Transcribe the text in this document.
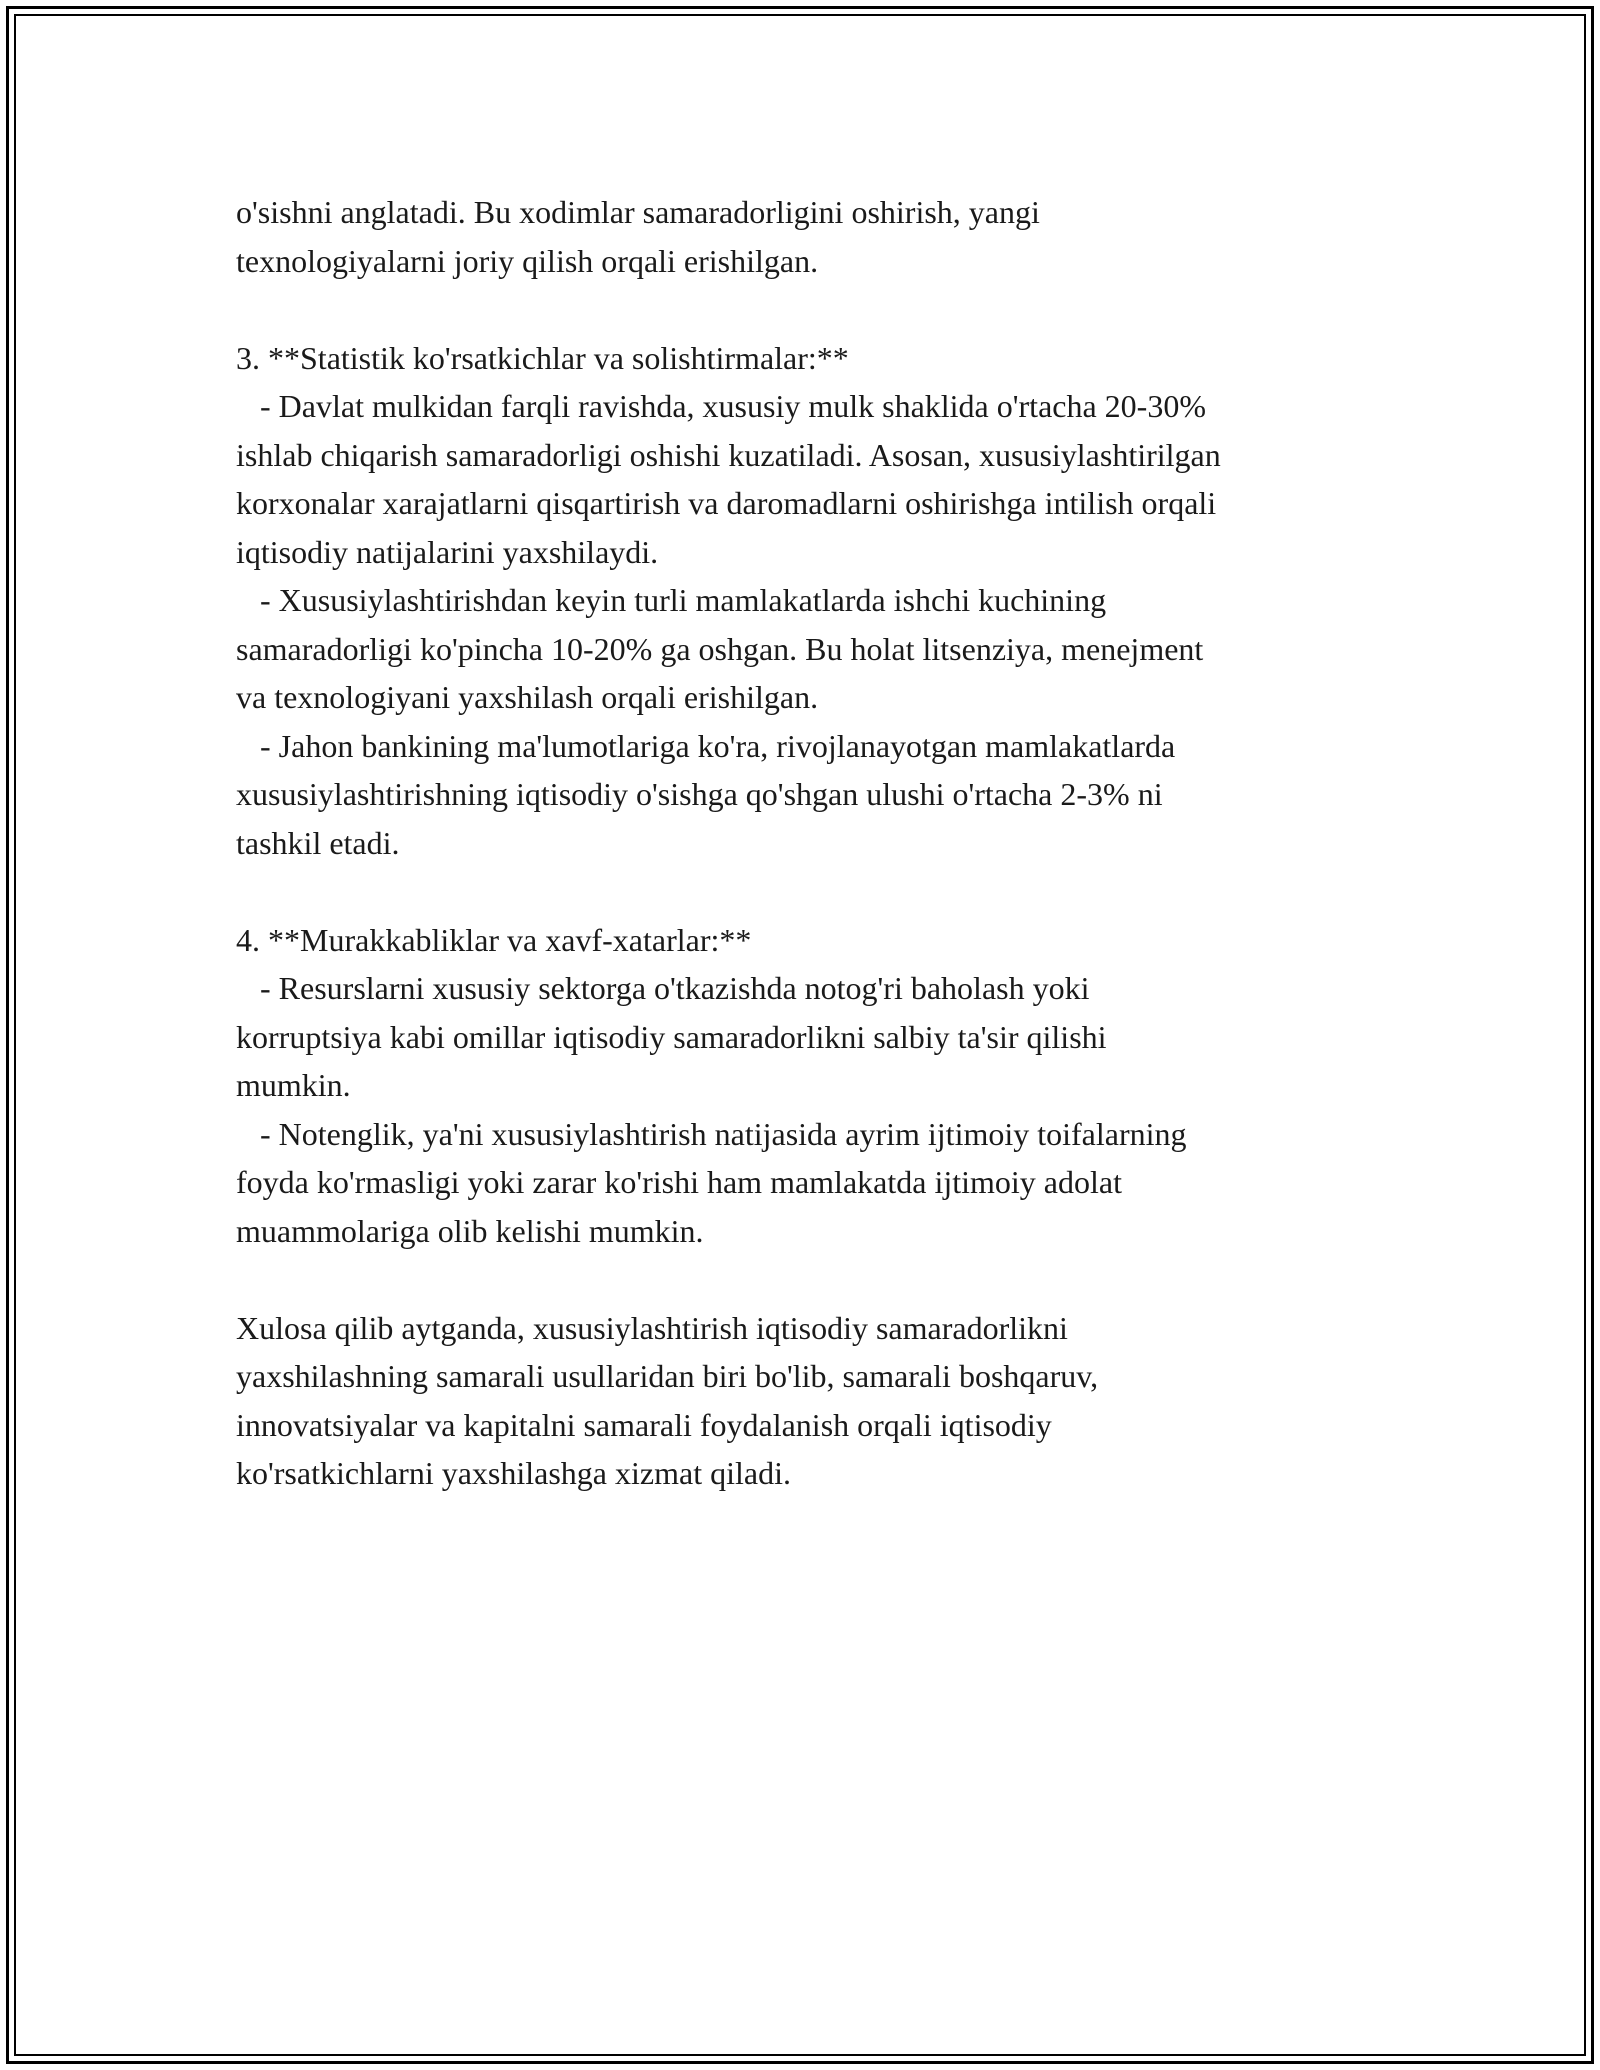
o'sishni anglatadi. Bu xodimlar samaradorligini oshirish, yangi

texnologiyalarni joriy qilish orqali erishilgan.

3. **Statistik ko'rsatkichlar va solishtirmalar:**

- Davlat mulkidan farqli ravishda, xususiy mulk shaklida o'rtacha 20-30%

ishlab chiqarish samaradorligi oshishi kuzatiladi. Asosan, xususiylashtirilgan

korxonalar xarajatlarni qisqartirish va daromadlarni oshirishga intilish orqali

iqtisodiy natijalarini yaxshilaydi.

- Xususiylashtirishdan keyin turli mamlakatlarda ishchi kuchining

samaradorligi ko'pincha 10-20% ga oshgan. Bu holat litsenziya, menejment

va texnologiyani yaxshilash orqali erishilgan.

- Jahon bankining ma'lumotlariga ko'ra, rivojlanayotgan mamlakatlarda

xususiylashtirishning iqtisodiy o'sishga qo'shgan ulushi o'rtacha 2-3% ni

tashkil etadi.

4. **Murakkabliklar va xavf-xatarlar:**

- Resurslarni xususiy sektorga o'tkazishda notog'ri baholash yoki

korruptsiya kabi omillar iqtisodiy samaradorlikni salbiy ta'sir qilishi

mumkin.

- Notenglik, ya'ni xususiylashtirish natijasida ayrim ijtimoiy toifalarning

foyda ko'rmasligi yoki zarar ko'rishi ham mamlakatda ijtimoiy adolat

muammolariga olib kelishi mumkin.

Xulosa qilib aytganda, xususiylashtirish iqtisodiy samaradorlikni

yaxshilashning samarali usullaridan biri bo'lib, samarali boshqaruv,

innovatsiyalar va kapitalni samarali foydalanish orqali iqtisodiy

ko'rsatkichlarni yaxshilashga xizmat qiladi.
